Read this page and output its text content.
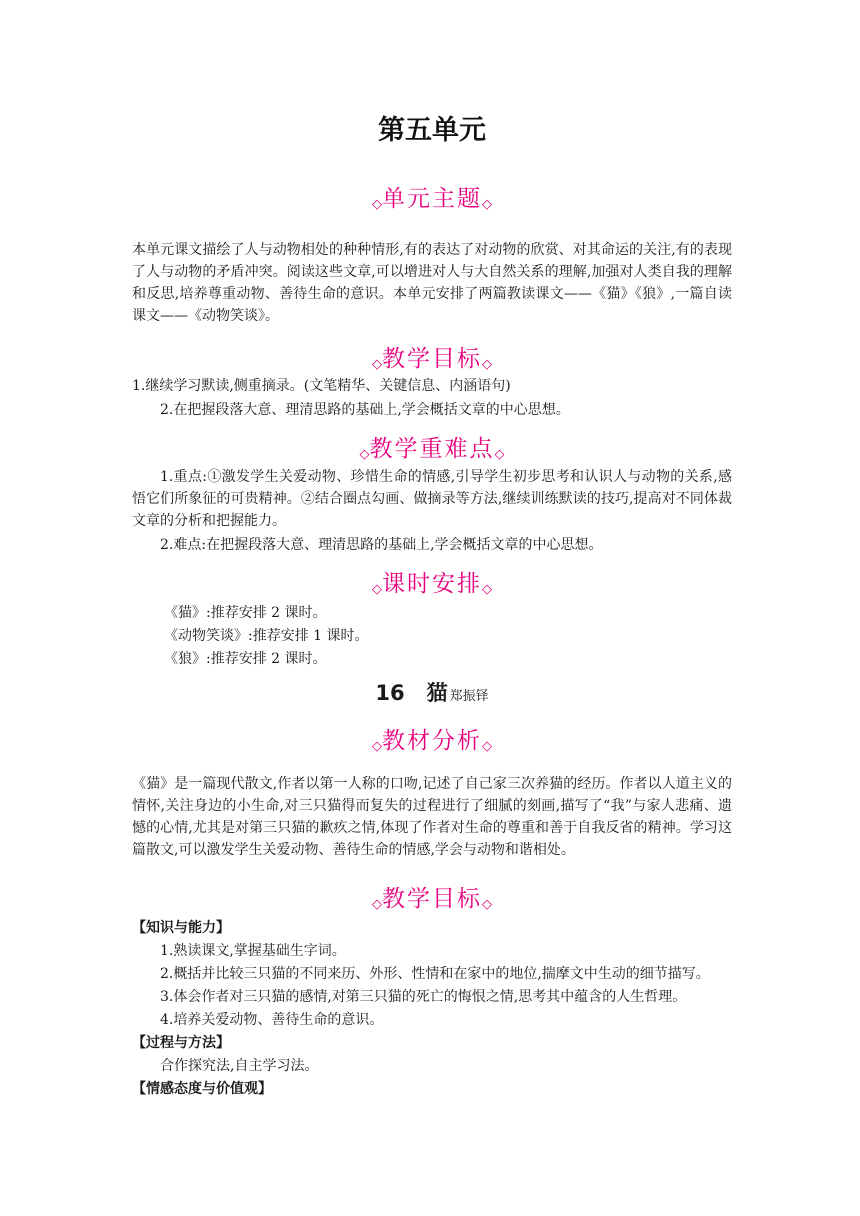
第五单元
◇单元主题◇

本单元课文描绘了人与动物相处的种种情形,有的表达了对动物的欣赏、对其命运的关注,有的表现了人与动物的矛盾冲突。阅读这些文章,可以增进对人与大自然关系的理解,加强对人类自我的理解和反思,培养尊重动物、善待生命的意识。本单元安排了两篇教读课文——《猫》《狼》,一篇自读课文——《动物笑谈》。

◇教学目标◇
1.继续学习默读,侧重摘录。(文笔精华、关键信息、内涵语句)
2.在把握段落大意、理清思路的基础上,学会概括文章的中心思想。
◇教学重难点◇

1.重点:①激发学生关爱动物、珍惜生命的情感,引导学生初步思考和认识人与动物的关系,感悟它们所象征的可贵精神。②结合圈点勾画、做摘录等方法,继续训练默读的技巧,提高对不同体裁文章的分析和把握能力。

2.难点:在把握段落大意、理清思路的基础上,学会概括文章的中心思想。
◇课时安排◇
《猫》:推荐安排 2 课时。
《动物笑谈》:推荐安排 1 课时。
《狼》:推荐安排 2 课时。
16 猫 郑振铎
◇教材分析◇

《猫》是一篇现代散文,作者以第一人称的口吻,记述了自己家三次养猫的经历。作者以人道主义的情怀,关注身边的小生命,对三只猫得而复失的过程进行了细腻的刻画,描写了“我”与家人悲痛、遗憾的心情,尤其是对第三只猫的歉疚之情,体现了作者对生命的尊重和善于自我反省的精神。学习这篇散文,可以激发学生关爱动物、善待生命的情感,学会与动物和谐相处。

◇教学目标◇
【知识与能力】
1.熟读课文,掌握基础生字词。
2.概括并比较三只猫的不同来历、外形、性情和在家中的地位,揣摩文中生动的细节描写。
3.体会作者对三只猫的感情,对第三只猫的死亡的悔恨之情,思考其中蕴含的人生哲理。
4.培养关爱动物、善待生命的意识。
【过程与方法】
合作探究法,自主学习法。
【情感态度与价值观】
